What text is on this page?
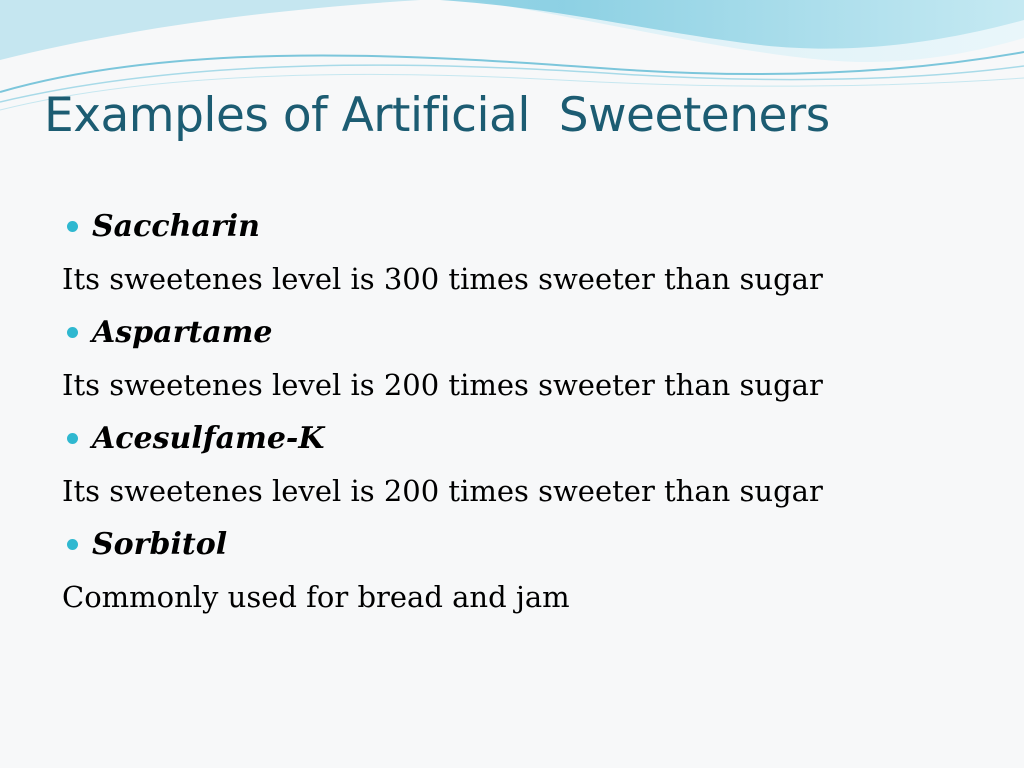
Examples of Artificial  Sweeteners
Saccharin
Its sweetenes level is 300 times sweeter than sugar
Aspartame
Its sweetenes level is 200 times sweeter than sugar
Acesulfame-K
Its sweetenes level is 200 times sweeter than sugar
Sorbitol
Commonly used for bread and jam
